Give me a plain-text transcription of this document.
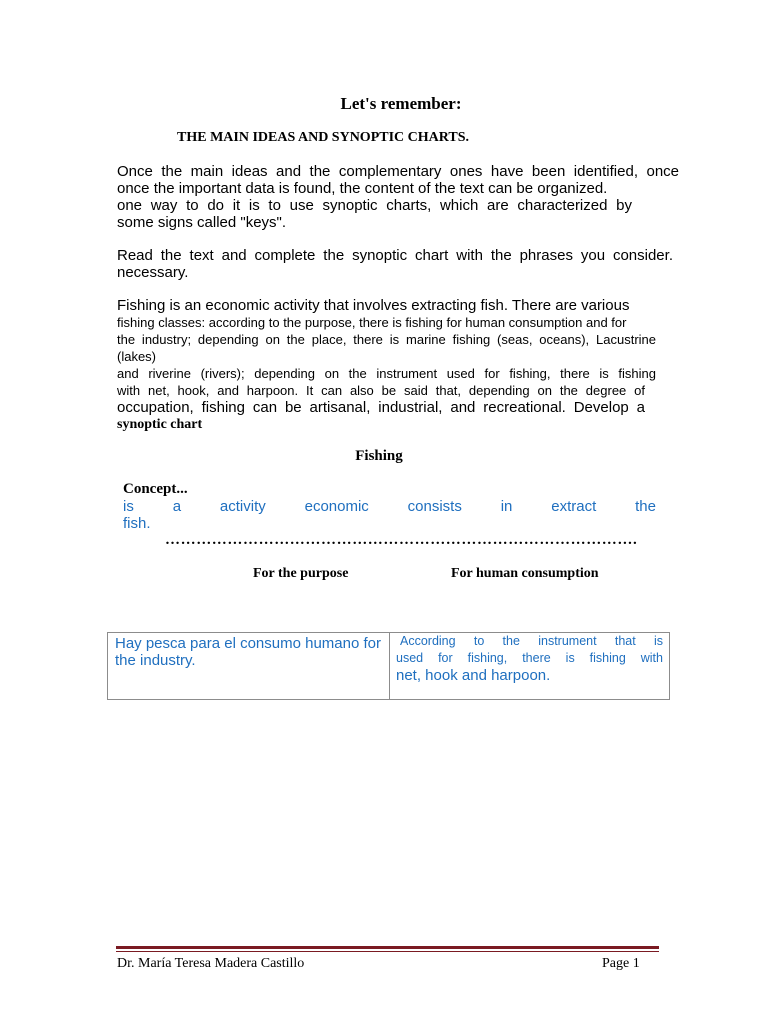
Let's remember:
THE MAIN IDEAS AND SYNOPTIC CHARTS.
Once the main ideas and the complementary ones have been identified, once
once the important data is found, the content of the text can be organized.
one way to do it is to use synoptic charts, which are characterized by
some signs called "keys".
Read the text and complete the synoptic chart with the phrases you consider.
necessary.
Fishing is an economic activity that involves extracting fish. There are various
fishing classes: according to the purpose, there is fishing for human consumption and for
the industry; depending on the place, there is marine fishing (seas, oceans), Lacustrine (lakes)
and riverine (rivers); depending on the instrument used for fishing, there is fishing
with net, hook, and harpoon. It can also be said that, depending on the degree of
occupation, fishing can be artisanal, industrial, and recreational. Develop a
synoptic chart
Fishing
Concept...
is a activity economic consists in extract the
fish.
……………………………………………………………………………….
For the purpose	For human consumption
Hay pesca para el consumo humano for the industry.
According to the instrument that is
used for fishing, there is fishing with
net, hook and harpoon.
Dr. María Teresa Madera Castillo	Page 1
